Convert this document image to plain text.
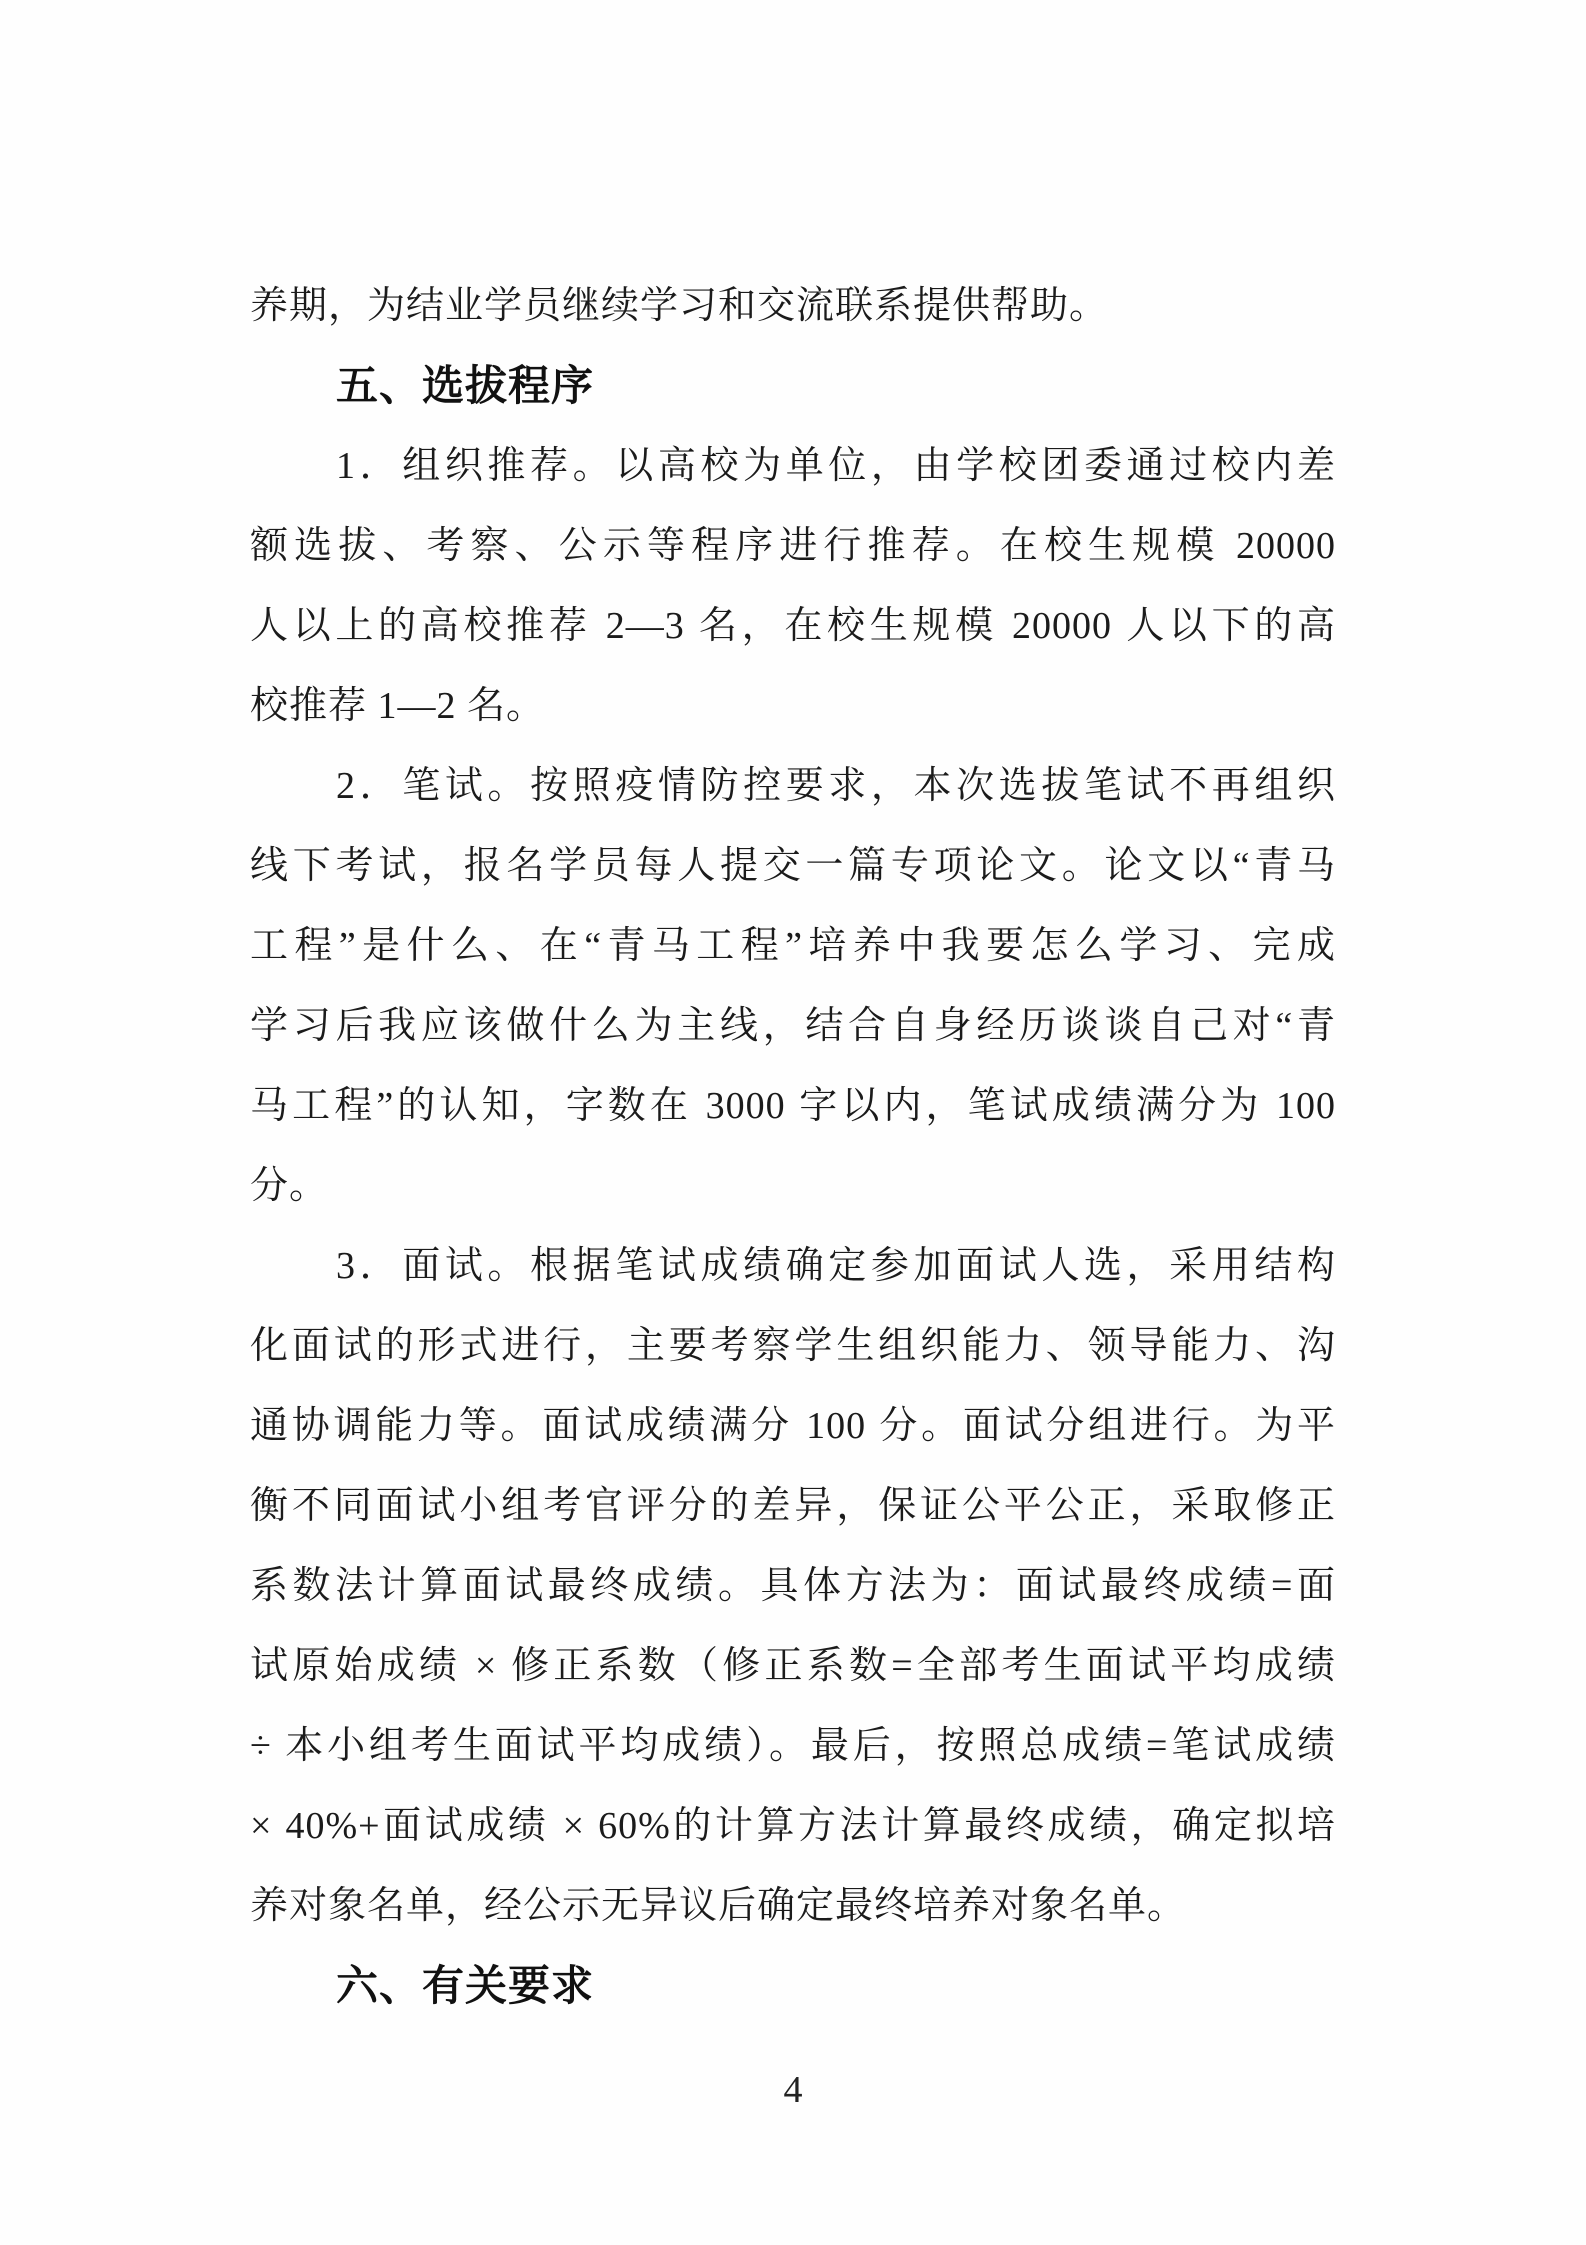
养期，为结业学员继续学习和交流联系提供帮助。
五、选拔程序
1．组织推荐。以高校为单位，由学校团委通过校内差
额选拔、考察、公示等程序进行推荐。在校生规模 20000
人以上的高校推荐 2—3 名，在校生规模 20000 人以下的高
校推荐 1—2 名。
2．笔试。按照疫情防控要求，本次选拔笔试不再组织
线下考试，报名学员每人提交一篇专项论文。论文以“青马
工程”是什么、在“青马工程”培养中我要怎么学习、完成
学习后我应该做什么为主线，结合自身经历谈谈自己对“青
马工程”的认知，字数在 3000 字以内，笔试成绩满分为 100
分。
3．面试。根据笔试成绩确定参加面试人选，采用结构
化面试的形式进行，主要考察学生组织能力、领导能力、沟
通协调能力等。面试成绩满分 100 分。面试分组进行。为平
衡不同面试小组考官评分的差异，保证公平公正，采取修正
系数法计算面试最终成绩。具体方法为：面试最终成绩=面
试原始成绩 × 修正系数（修正系数=全部考生面试平均成绩
÷ 本小组考生面试平均成绩）。最后，按照总成绩=笔试成绩
× 40%+面试成绩 × 60%的计算方法计算最终成绩，确定拟培
养对象名单，经公示无异议后确定最终培养对象名单。
六、有关要求
4
